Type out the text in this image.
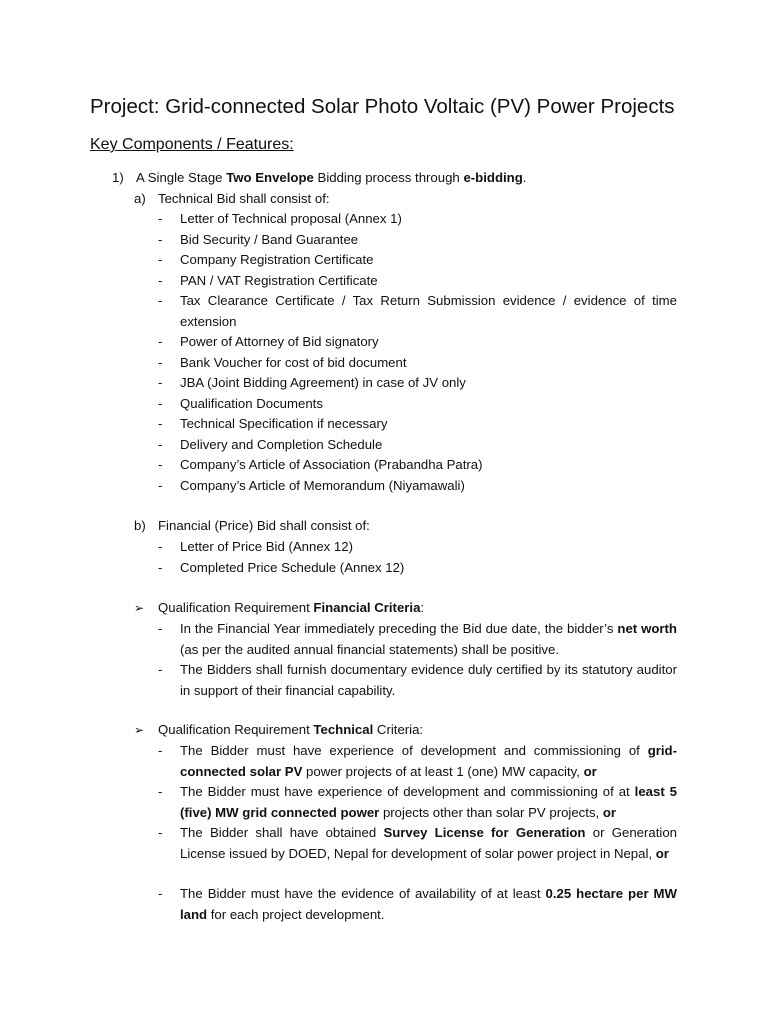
Project: Grid-connected Solar Photo Voltaic (PV) Power Projects
Key Components / Features:
1) A Single Stage Two Envelope Bidding process through e-bidding.
a) Technical Bid shall consist of:
- Letter of Technical proposal (Annex 1)
- Bid Security / Band Guarantee
- Company Registration Certificate
- PAN / VAT Registration Certificate
- Tax Clearance Certificate / Tax Return Submission evidence / evidence of time extension
- Power of Attorney of Bid signatory
- Bank Voucher for cost of bid document
- JBA (Joint Bidding Agreement) in case of JV only
- Qualification Documents
- Technical Specification if necessary
- Delivery and Completion Schedule
- Company’s Article of Association (Prabandha Patra)
- Company’s Article of Memorandum (Niyamawali)
b) Financial (Price) Bid shall consist of:
- Letter of Price Bid (Annex 12)
- Completed Price Schedule (Annex 12)
➢ Qualification Requirement Financial Criteria:
- In the Financial Year immediately preceding the Bid due date, the bidder’s net worth (as per the audited annual financial statements) shall be positive.
- The Bidders shall furnish documentary evidence duly certified by its statutory auditor in support of their financial capability.
➢ Qualification Requirement Technical Criteria:
- The Bidder must have experience of development and commissioning of grid-connected solar PV power projects of at least 1 (one) MW capacity, or
- The Bidder must have experience of development and commissioning of at least 5 (five) MW grid connected power projects other than solar PV projects, or
- The Bidder shall have obtained Survey License for Generation or Generation License issued by DOED, Nepal for development of solar power project in Nepal, or
- The Bidder must have the evidence of availability of at least 0.25 hectare per MW land for each project development.
